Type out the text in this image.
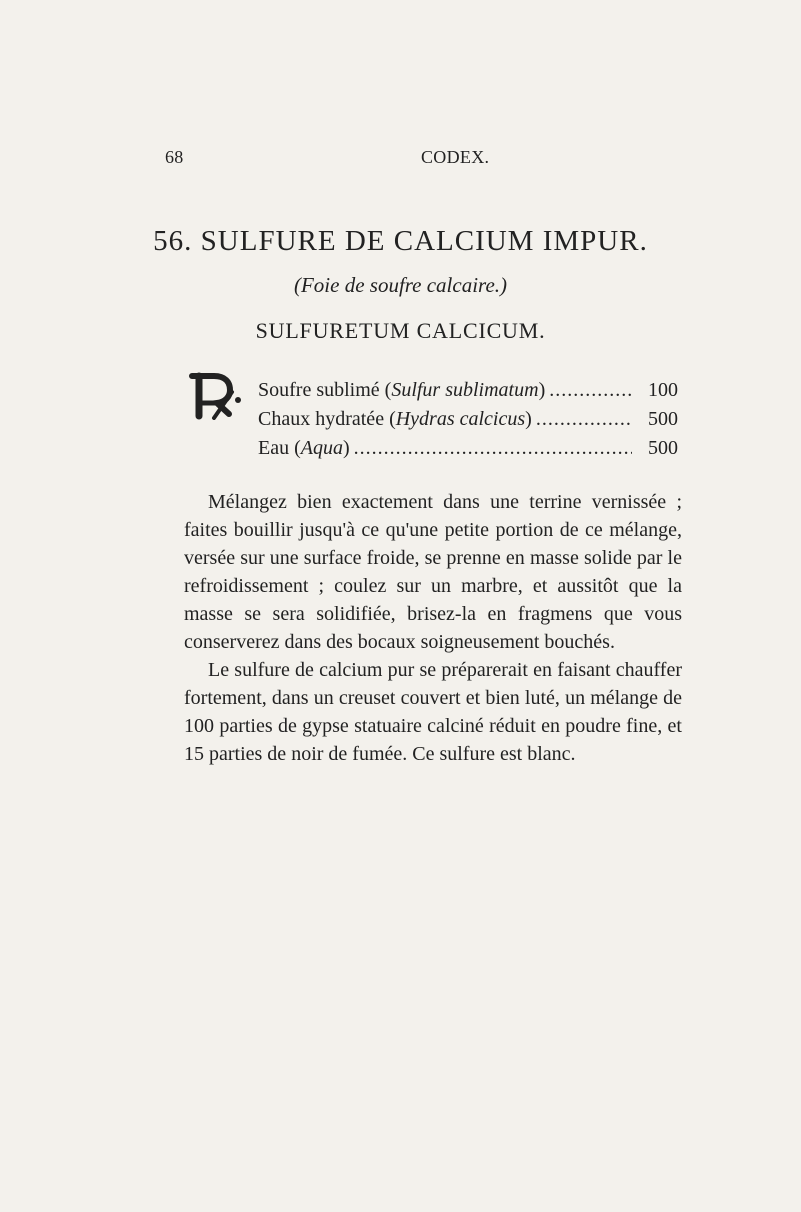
68	CODEX.
56. SULFURE DE CALCIUM IMPUR.
(Foie de soufre calcaire.)
SULFURETUM CALCICUM.
Soufre sublimé (Sulfur sublimatum) .....	100
Chaux hydratée (Hydras calcicus) .....	500
Eau (Aqua) .....	500

Mélangez bien exactement dans une terrine vernissée ; faites bouillir jusqu'à ce qu'une petite portion de ce mélange, versée sur une surface froide, se prenne en masse solide par le refroidissement ; coulez sur un marbre, et aussitôt que la masse se sera solidifiée, brisez-la en fragmens que vous conserverez dans des bocaux soigneusement bouchés.

Le sulfure de calcium pur se préparerait en faisant chauffer fortement, dans un creuset couvert et bien luté, un mélange de 100 parties de gypse statuaire calciné réduit en poudre fine, et 15 parties de noir de fumée. Ce sulfure est blanc.
